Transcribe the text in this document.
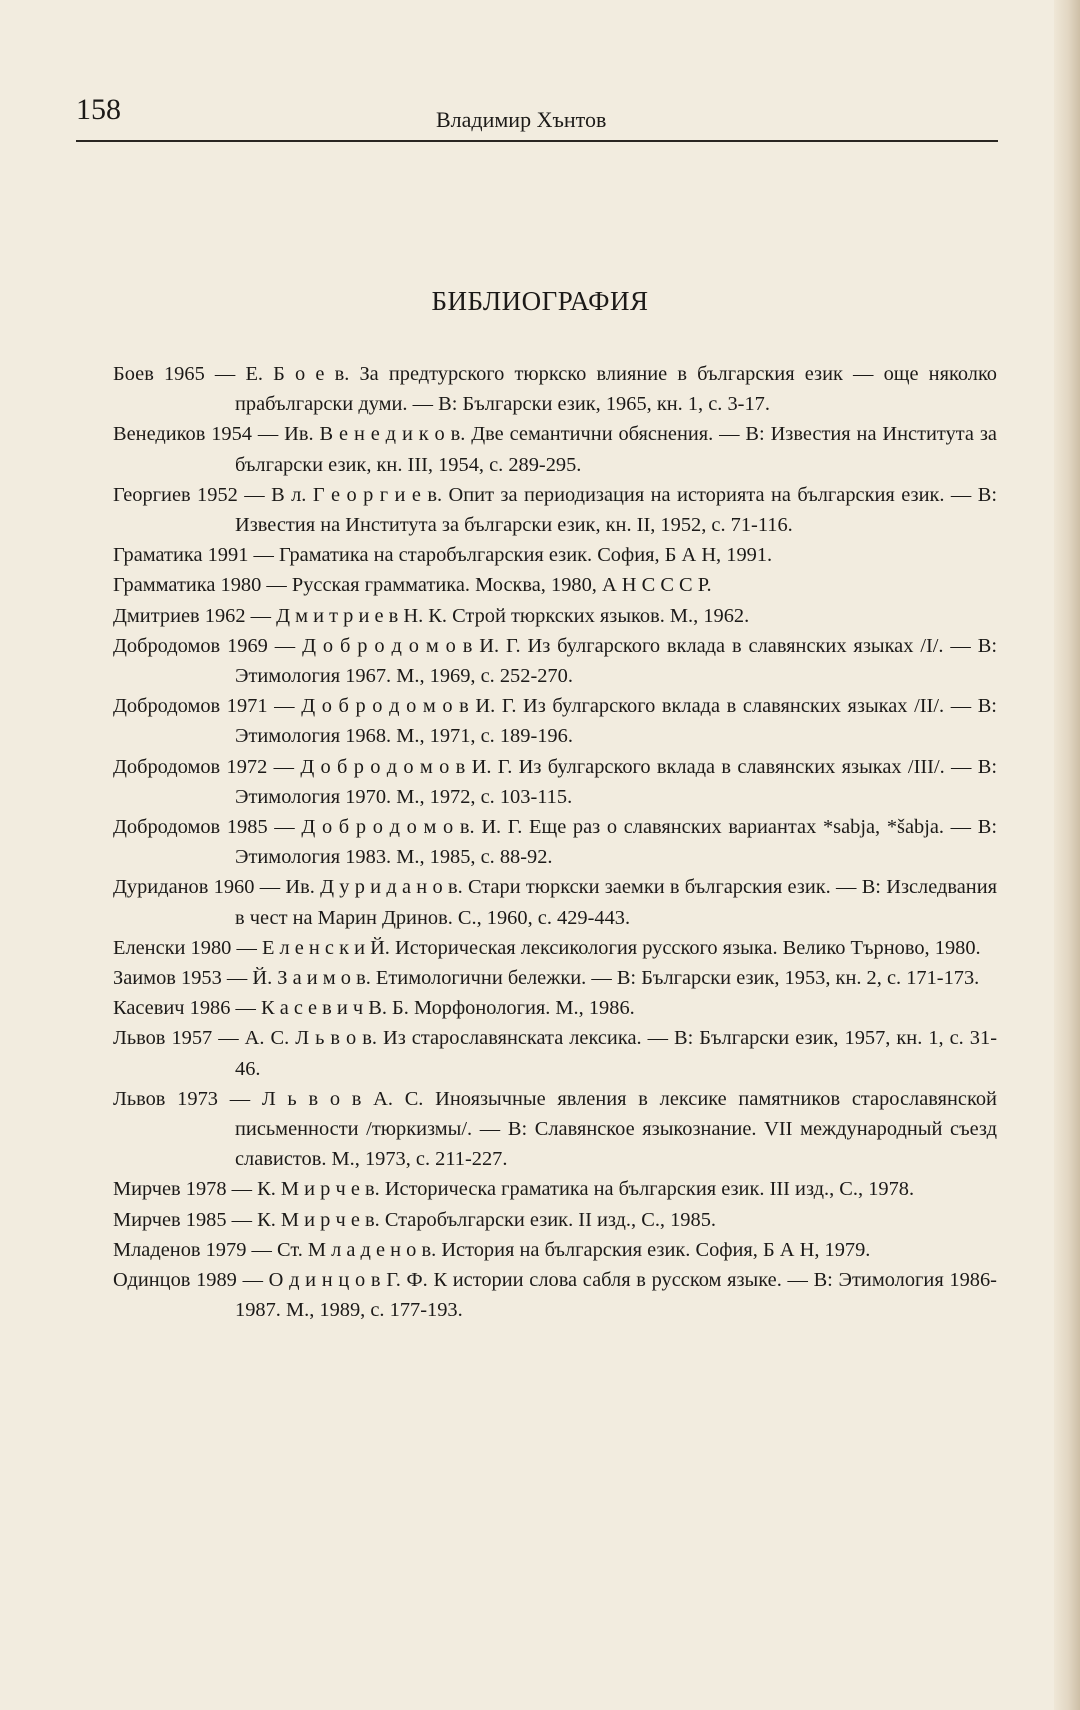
158	Владимир Хънтов
БИБЛИОГРАФИЯ
Боев 1965 — Е. Б о е в. За предтурского тюркско влияние в българския език — още няколко прабългарски думи. — В: Български език, 1965, кн. 1, с. 3-17.
Венедиков 1954 — Ив. В е н е д и к о в. Две семантични обяснения. — В: Известия на Института за български език, кн. III, 1954, с. 289-295.
Георгиев 1952 — В л. Г е о р г и е в. Опит за периодизация на историята на българския език. — В: Известия на Института за български език, кн. II, 1952, с. 71-116.
Граматика 1991 — Граматика на старобългарския език. София, Б А Н, 1991.
Грамматика 1980 — Русская грамматика. Москва, 1980, А Н С С С Р.
Дмитриев 1962 — Д м и т р и е в Н. К. Строй тюркских языков. М., 1962.
Добродомов 1969 — Д о б р о д о м о в И. Г. Из булгарского вклада в славянских языках /I/. — В: Этимология 1967. М., 1969, с. 252-270.
Добродомов 1971 — Д о б р о д о м о в И. Г. Из булгарского вклада в славянских языках /II/. — В: Этимология 1968. М., 1971, с. 189-196.
Добродомов 1972 — Д о б р о д о м о в И. Г. Из булгарского вклада в славянских языках /III/. — В: Этимология 1970. М., 1972, с. 103-115.
Добродомов 1985 — Д о б р о д о м о в. И. Г. Еще раз о славянских вариантах *sabja, *šabja. — В: Этимология 1983. М., 1985, с. 88-92.
Дуриданов 1960 — Ив. Д у р и д а н о в. Стари тюркски заемки в българския език. — В: Изследвания в чест на Марин Дринов. С., 1960, с. 429-443.
Еленски 1980 — Е л е н с к и Й. Историческая лексикология русского языка. Велико Търново, 1980.
Заимов 1953 — Й. З а и м о в. Етимологични бележки. — В: Български език, 1953, кн. 2, с. 171-173.
Касевич 1986 — К а с е в и ч В. Б. Морфонология. М., 1986.
Львов 1957 — А. С. Л ь в о в. Из старославянската лексика. — В: Български език, 1957, кн. 1, с. 31-46.
Львов 1973 — Л ь в о в А. С. Иноязычные явления в лексике памятников старославянской письменности /тюркизмы/. — В: Славянское языкознание. VII международный съезд славистов. М., 1973, с. 211-227.
Мирчев 1978 — К. М и р ч е в. Историческа граматика на българския език. III изд., С., 1978.
Мирчев 1985 — К. М и р ч е в. Старобългарски език. II изд., С., 1985.
Младенов 1979 — Ст. М л а д е н о в. История на българския език. София, Б А Н, 1979.
Одинцов 1989 — О д и н ц о в Г. Ф. К истории слова сабля в русском языке. — В: Этимология 1986-1987. М., 1989, с. 177-193.
